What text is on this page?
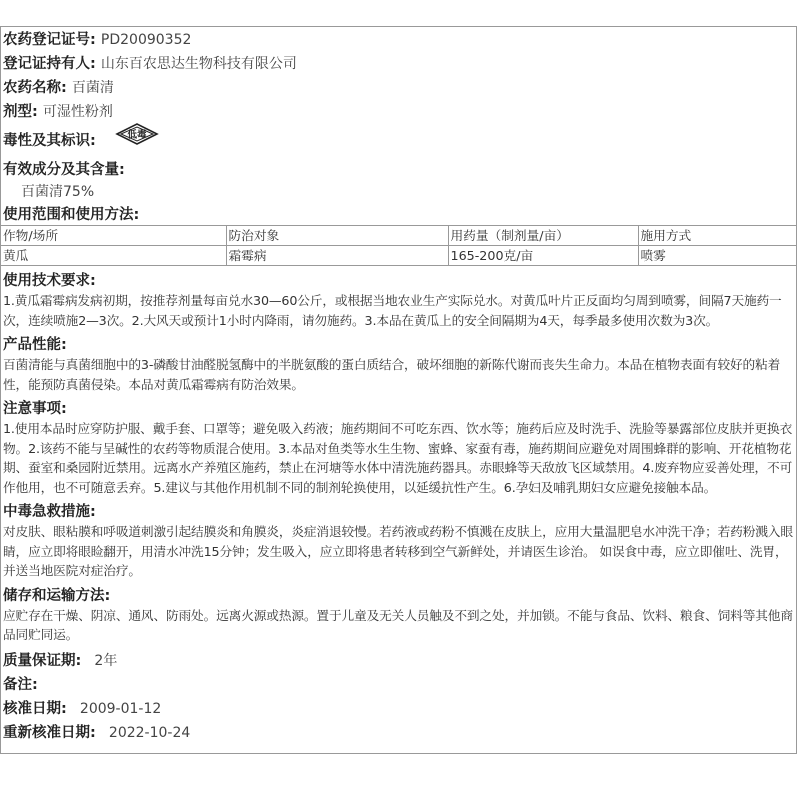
农药登记证号: PD20090352
登记证持有人: 山东百农思达生物科技有限公司
农药名称: 百菌清
剂型: 可湿性粉剂
毒性及其标识:	低毒
有效成分及其含量:
百菌清75%
使用范围和使用方法:
作物/场所	防治对象	用药量（制剂量/亩）	施用方式
黄瓜	霜霉病	165-200克/亩	喷雾
使用技术要求:
1.黄瓜霜霉病发病初期，按推荐剂量每亩兑水30—60公斤，或根据当地农业生产实际兑水。对黄瓜叶片正反面均匀周到喷雾，间隔7天施药一次，连续喷施2—3次。2.大风天或预计1小时内降雨，请勿施药。3.本品在黄瓜上的安全间隔期为4天，每季最多使用次数为3次。
产品性能:
百菌清能与真菌细胞中的3-磷酸甘油醛脱氢酶中的半胱氨酸的蛋白质结合，破坏细胞的新陈代谢而丧失生命力。本品在植物表面有较好的粘着性，能预防真菌侵染。本品对黄瓜霜霉病有防治效果。
注意事项:
1.使用本品时应穿防护服、戴手套、口罩等；避免吸入药液；施药期间不可吃东西、饮水等；施药后应及时洗手、洗脸等暴露部位皮肤并更换衣物。2.该药不能与呈碱性的农药等物质混合使用。3.本品对鱼类等水生生物、蜜蜂、家蚕有毒，施药期间应避免对周围蜂群的影响、开花植物花期、蚕室和桑园附近禁用。远离水产养殖区施药，禁止在河塘等水体中清洗施药器具。赤眼蜂等天敌放飞区域禁用。4.废弃物应妥善处理，不可作他用，也不可随意丢弃。5.建议与其他作用机制不同的制剂轮换使用，以延缓抗性产生。6.孕妇及哺乳期妇女应避免接触本品。
中毒急救措施:
对皮肤、眼粘膜和呼吸道刺激引起结膜炎和角膜炎，炎症消退较慢。若药液或药粉不慎溅在皮肤上，应用大量温肥皂水冲洗干净；若药粉溅入眼睛，应立即将眼睑翻开，用清水冲洗15分钟；发生吸入，应立即将患者转移到空气新鲜处，并请医生诊治。 如误食中毒，应立即催吐、洗胃，并送当地医院对症治疗。
储存和运输方法:
应贮存在干燥、阴凉、通风、防雨处。远离火源或热源。置于儿童及无关人员触及不到之处，并加锁。不能与食品、饮料、粮食、饲料等其他商品同贮同运。
质量保证期: 2年
备注:
核准日期: 2009-01-12
重新核准日期: 2022-10-24
